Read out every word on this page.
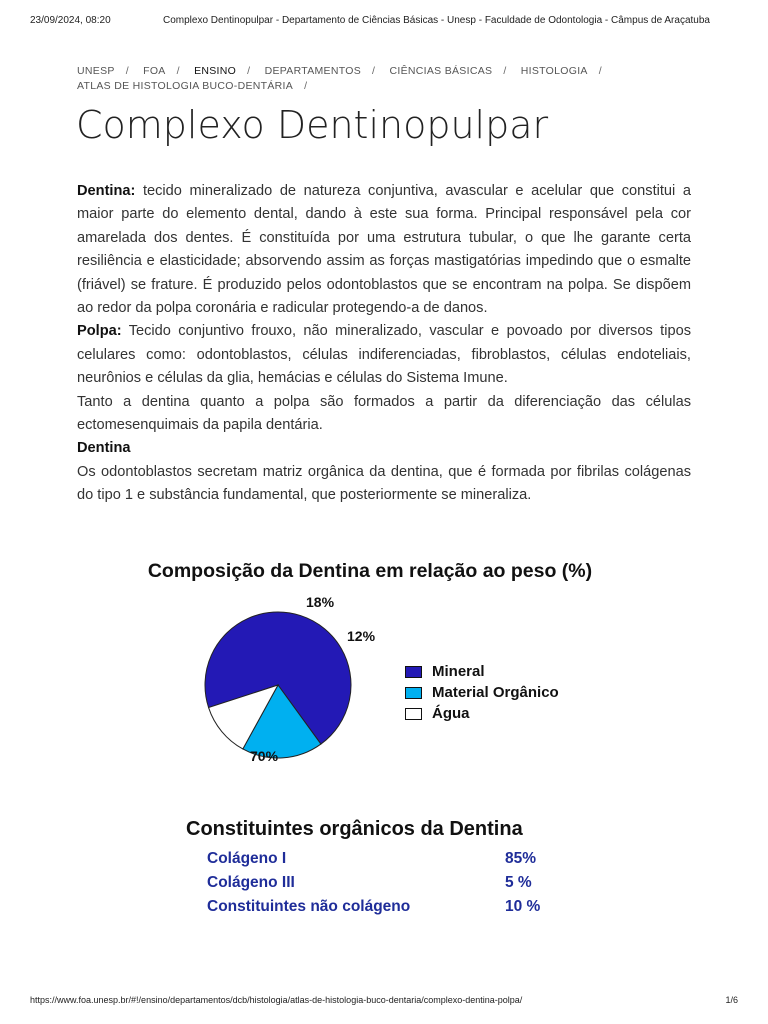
23/09/2024, 08:20	Complexo Dentinopulpar - Departamento de Ciências Básicas - Unesp - Faculdade de Odontologia - Câmpus de Araçatuba
UNESP / FOA / ENSINO / DEPARTAMENTOS / CIÊNCIAS BÁSICAS / HISTOLOGIA /
ATLAS DE HISTOLOGIA BUCO-DENTÁRIA /
Complexo Dentinopulpar

Dentina: tecido mineralizado de natureza conjuntiva, avascular e acelular que constitui a maior parte do elemento dental, dando à este sua forma. Principal responsável pela cor amarelada dos dentes. É constituída por uma estrutura tubular, o que lhe garante certa resiliência e elasticidade; absorvendo assim as forças mastigatórias impedindo que o esmalte (friável) se frature. É produzido pelos odontoblastos que se encontram na polpa. Se dispõem ao redor da polpa coronária e radicular protegendo-a de danos.

Polpa: Tecido conjuntivo frouxo, não mineralizado, vascular e povoado por diversos tipos celulares como: odontoblastos, células indiferenciadas, fibroblastos, células endoteliais, neurônios e células da glia, hemácias e células do Sistema Imune.

Tanto a dentina quanto a polpa são formados a partir da diferenciação das células ectomesenquimais da papila dentária.

Dentina

Os odontoblastos secretam matriz orgânica da dentina, que é formada por fibrilas colágenas do tipo 1 e substância fundamental, que posteriormente se mineraliza.

Composição da Dentina em relação ao peso (%)
70%
18%
12%
Mineral
Material Orgânico
Água
Constituintes orgânicos da Dentina
Colágeno I	85%
Colágeno III	5 %
Constituintes não colágeno	10 %
https://www.foa.unesp.br/#!/ensino/departamentos/dcb/histologia/atlas-de-histologia-buco-dentaria/complexo-dentina-polpa/	1/6
